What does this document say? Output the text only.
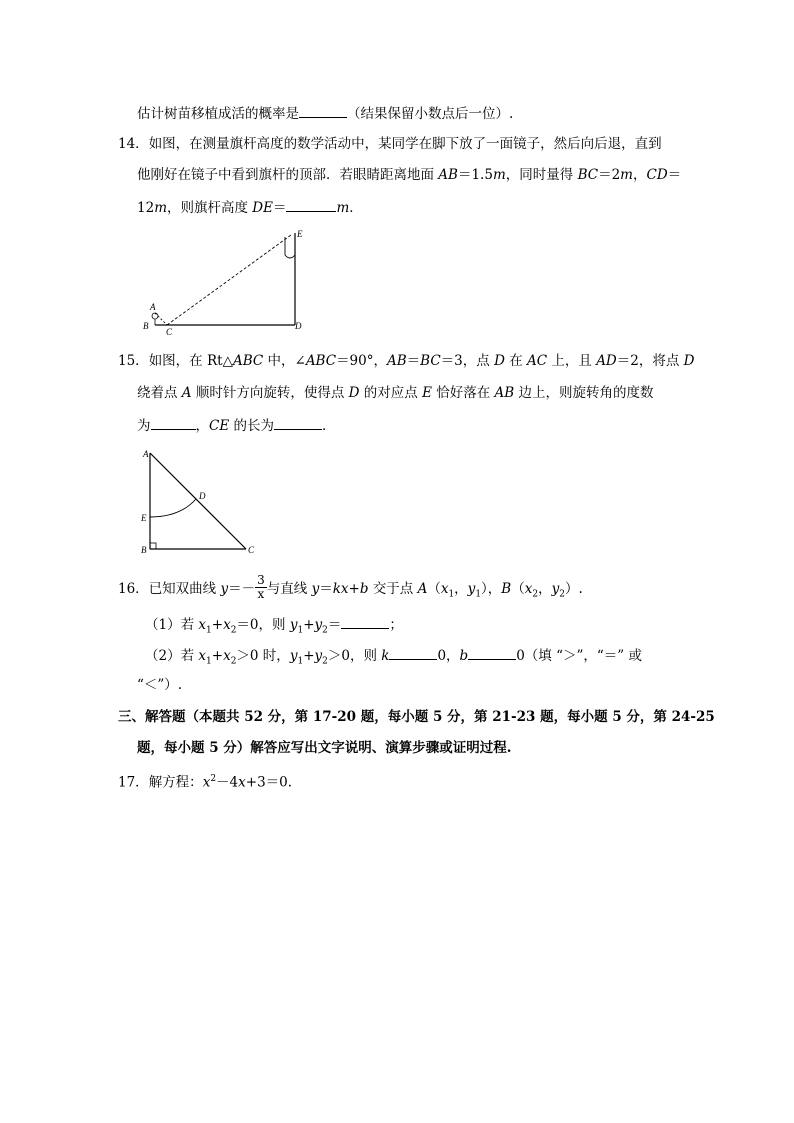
估计树苗移植成活的概率是	（结果保留小数点后一位）.
14．如图，在测量旗杆高度的数学活动中，某同学在脚下放了一面镜子，然后向后退，直到
他刚好在镜子中看到旗杆的顶部．若眼睛距离地面 AB＝1.5m，同时量得 BC＝2m，CD＝
12m，则旗杆高度 DE＝	m．
A
B
C
D
E
15．如图，在 Rt△ABC 中，∠ABC＝90°，AB＝BC＝3，点 D 在 AC 上，且 AD＝2，将点 D
绕着点 A 顺时针方向旋转，使得点 D 的对应点 E 恰好落在 AB 边上，则旋转角的度数
为	，CE 的长为	．
A
B	C
D
E
16．已知双曲线 $y=- \frac{3}{x}$ 与直线 y＝kx+b 交于点 $A(x_1$，$y_1$），$B(x_2$，$y_2$）.
（1）若 $x_1+x_2=0$，则 $y_1+y_2=$	；
（2）若 $x_1+x_2>0$ 时，$y_1+y_2>0$，则 k	0，b	0（填 “＞”，“＝” 或
“＜”）.
三、解答题（本题共 52 分，第 17-20 题，每小题 5 分，第 21-23 题，每小题 5 分，第 24-25
题，每小题 5 分）解答应写出文字说明、演算步骤或证明过程.
17．解方程：$x^2-4x+3=0$.
